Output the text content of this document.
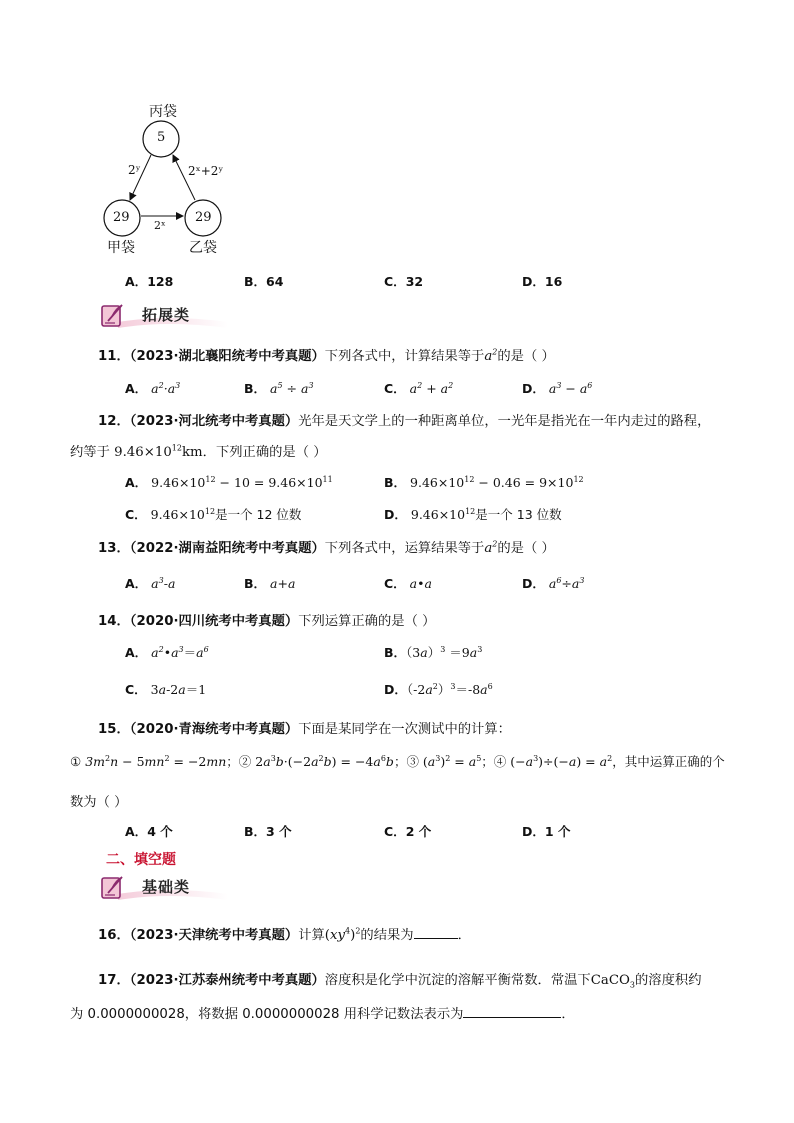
丙袋
5
29	29
甲袋	乙袋
2ʸ
2ˣ
2ˣ+2ʸ
A．128	B．64	C．32	D．16
拓展类
11．（2023·湖北襄阳统考中考真题）下列各式中，计算结果等于$a^2$的是（ ）
A． $a^2\cdot a^3$	B． $a^5 \div a^3$	C． $a^2 + a^2$	D． $a^3 - a^6$
12．（2023·河北统考中考真题）光年是天文学上的一种距离单位，一光年是指光在一年内走过的路程，
约等于 $9.46\times 10^{12}km$．下列正确的是（ ）
A． $9.46\times 10^{12} - 10 = 9.46\times 10^{11}$	B． $9.46\times 10^{12} - 0.46 = 9\times 10^{12}$
C． $9.46\times 10^{12}$是一个 12 位数	D． $9.46\times 10^{12}$是一个 13 位数
13．（2022·湖南益阳统考中考真题）下列各式中，运算结果等于$a^2$的是（ ）
A． $a^3-a$	B． a+a	C． a•a	D． $a^6\div a^3$
14．（2020·四川统考中考真题）下列运算正确的是（ ）
A． $a^2•a^3=a^6$	B．$(3a)^3 =9a^3$
C． 3a-2a＝1	D．$(-2a^2)^3=-8a^6$
15．（2020·青海统考中考真题）下面是某同学在一次测试中的计算：
① $3m^2n - 5mn^2 = -2mn$；② $2a^3b\cdot(-2a^2b) = -4a^6b$；③ $(a^3)^2 = a^5$；④ $(-a^3)\div(-a) = a^2$，其中运算正确的个
数为（ ）
A．4 个	B．3 个	C．2 个	D．1 个
二、填空题
基础类
16．（2023·天津统考中考真题）计算$(xy^4)^2$的结果为	．
17．（2023·江苏泰州统考中考真题）溶度积是化学中沉淀的溶解平衡常数．常温下CaCO$_3$的溶度积约
为 0.0000000028，将数据 0.0000000028 用科学记数法表示为	．
